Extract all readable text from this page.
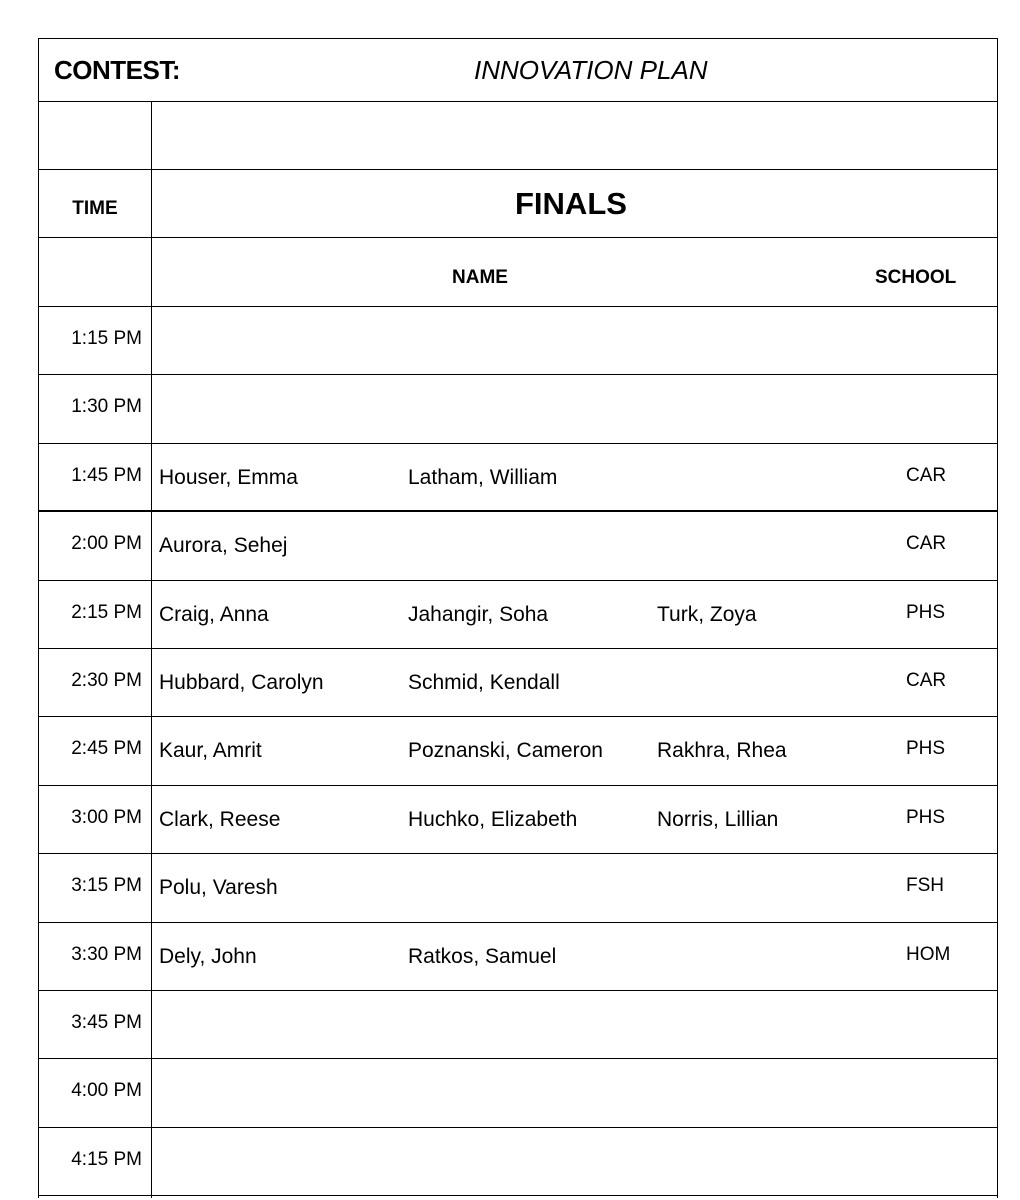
CONTEST:	INNOVATION PLAN
TIME	FINALS
NAME	SCHOOL
1:15 PM
1:30 PM
1:45 PM Houser, Emma	Latham, William	CAR
2:00 PM Aurora, Sehej	CAR
2:15 PM Craig, Anna	Jahangir, Soha	Turk, Zoya	PHS
2:30 PM Hubbard, Carolyn	Schmid, Kendall	CAR
2:45 PM Kaur, Amrit	Poznanski, Cameron	Rakhra, Rhea	PHS
3:00 PM Clark, Reese	Huchko, Elizabeth	Norris, Lillian	PHS
3:15 PM Polu, Varesh	FSH
3:30 PM Dely, John	Ratkos, Samuel	HOM
3:45 PM
4:00 PM
4:15 PM
